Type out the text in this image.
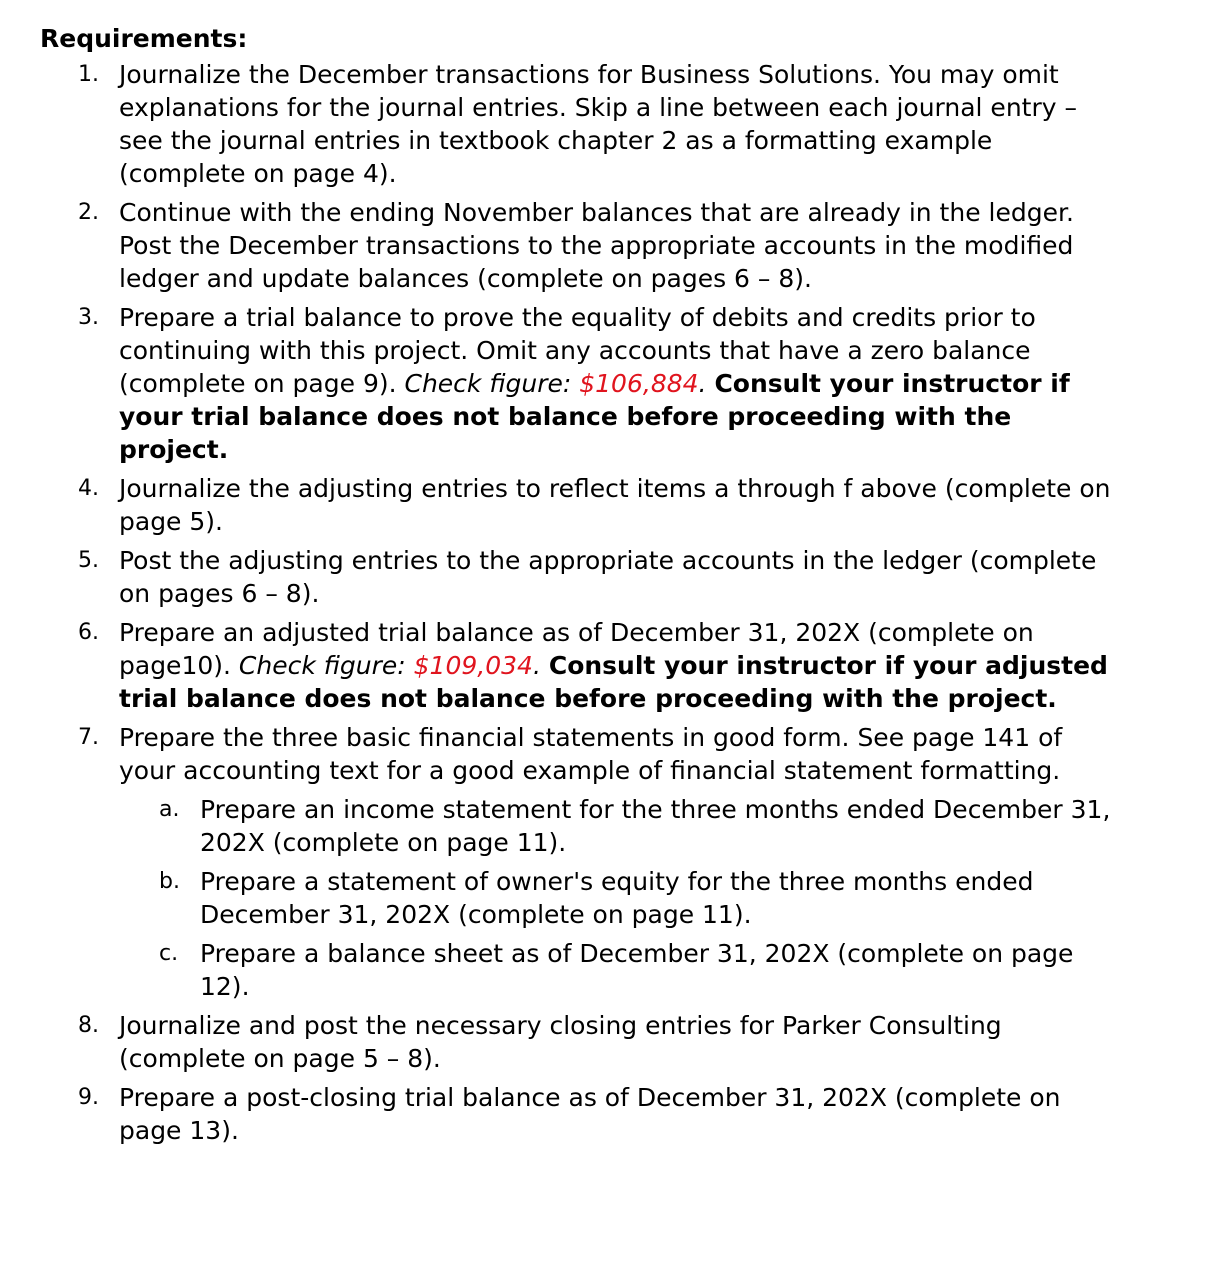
Requirements:
1. Journalize the December transactions for Business Solutions. You may omit explanations for the journal entries. Skip a line between each journal entry – see the journal entries in textbook chapter 2 as a formatting example (complete on page 4).
2. Continue with the ending November balances that are already in the ledger. Post the December transactions to the appropriate accounts in the modified ledger and update balances (complete on pages 6 – 8).
3. Prepare a trial balance to prove the equality of debits and credits prior to continuing with this project. Omit any accounts that have a zero balance (complete on page 9). Check figure: $106,884. Consult your instructor if your trial balance does not balance before proceeding with the project.
4. Journalize the adjusting entries to reflect items a through f above (complete on page 5).
5. Post the adjusting entries to the appropriate accounts in the ledger (complete on pages 6 – 8).
6. Prepare an adjusted trial balance as of December 31, 202X (complete on page10). Check figure: $109,034. Consult your instructor if your adjusted trial balance does not balance before proceeding with the project.
7. Prepare the three basic financial statements in good form. See page 141 of your accounting text for a good example of financial statement formatting.
a. Prepare an income statement for the three months ended December 31, 202X (complete on page 11).
b. Prepare a statement of owner's equity for the three months ended December 31, 202X (complete on page 11).
c. Prepare a balance sheet as of December 31, 202X (complete on page 12).
8. Journalize and post the necessary closing entries for Parker Consulting (complete on page 5 – 8).
9. Prepare a post-closing trial balance as of December 31, 202X (complete on page 13).
